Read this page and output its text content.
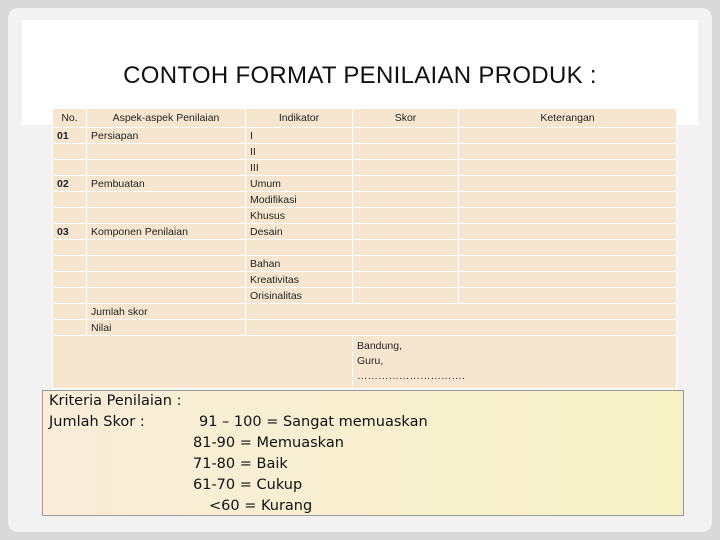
CONTOH FORMAT PENILAIAN PRODUK :
No.	Aspek-aspek Penilaian	Indikator	Skor	Keterangan
01	Persiapan	I		
		II		
		III		
02	Pembuatan	Umum		
		Modifikasi		
		Khusus		
03	Komponen Penilaian	Desain		

		Bahan		
		Kreativitas		
		Orisinalitas		
	Jumlah skor			
	Nilai			

			Bandung,
Guru,
………………………….	
Kriteria Penilaian :
Jumlah Skor :	91 – 100 = Sangat memuaskan
81-90 = Memuaskan
71-80 = Baik
61-70 = Cukup
<60 = Kurang
